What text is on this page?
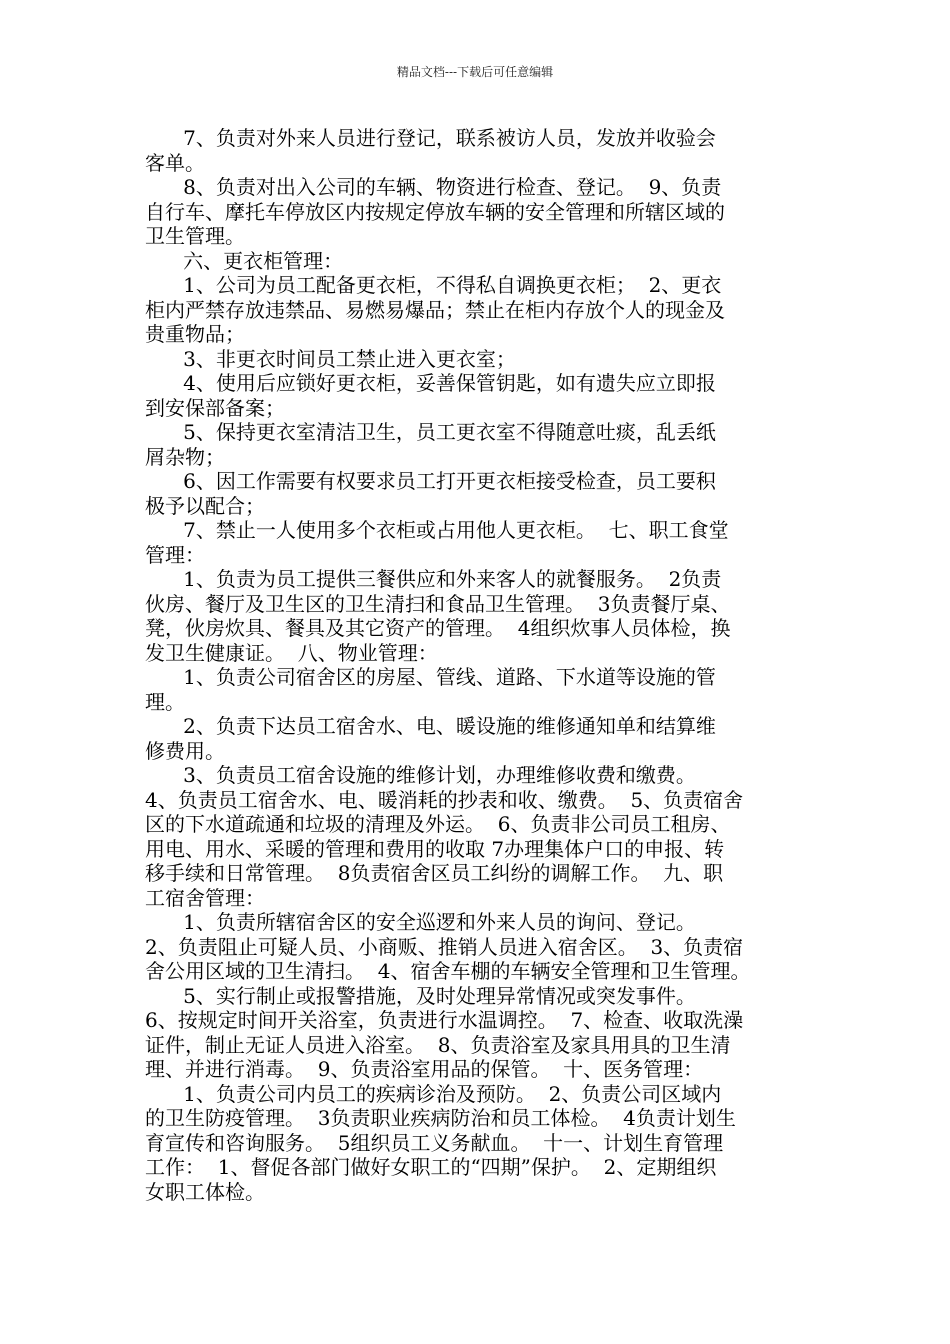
精品文档---下载后可任意编辑
7、负责对外来人员进行登记，联系被访人员，发放并收验会
客单。
8、负责对出入公司的车辆、物资进行检查、登记。  9、负责
自行车、摩托车停放区内按规定停放车辆的安全管理和所辖区域的
卫生管理。
六、更衣柜管理：
1、公司为员工配备更衣柜，不得私自调换更衣柜；  2、更衣
柜内严禁存放违禁品、易燃易爆品；禁止在柜内存放个人的现金及
贵重物品；
3、非更衣时间员工禁止进入更衣室；
4、使用后应锁好更衣柜，妥善保管钥匙，如有遗失应立即报
到安保部备案；
5、保持更衣室清洁卫生，员工更衣室不得随意吐痰，乱丢纸
屑杂物；
6、因工作需要有权要求员工打开更衣柜接受检查，员工要积
极予以配合；
7、禁止一人使用多个衣柜或占用他人更衣柜。  七、职工食堂
管理：
1、负责为员工提供三餐供应和外来客人的就餐服务。  2负责
伙房、餐厅及卫生区的卫生清扫和食品卫生管理。  3负责餐厅桌、
凳，伙房炊具、餐具及其它资产的管理。  4组织炊事人员体检，换
发卫生健康证。  八、物业管理：
1、负责公司宿舍区的房屋、管线、道路、下水道等设施的管
理。
2、负责下达员工宿舍水、电、暖设施的维修通知单和结算维
修费用。
3、负责员工宿舍设施的维修计划，办理维修收费和缴费。
4、负责员工宿舍水、电、暖消耗的抄表和收、缴费。  5、负责宿舍
区的下水道疏通和垃圾的清理及外运。  6、负责非公司员工租房、
用电、用水、采暖的管理和费用的收取 7办理集体户口的申报、转
移手续和日常管理。  8负责宿舍区员工纠纷的调解工作。  九、职
工宿舍管理：
1、负责所辖宿舍区的安全巡逻和外来人员的询问、登记。
2、负责阻止可疑人员、小商贩、推销人员进入宿舍区。  3、负责宿
舍公用区域的卫生清扫。  4、宿舍车棚的车辆安全管理和卫生管理。
5、实行制止或报警措施，及时处理异常情况或突发事件。
6、按规定时间开关浴室，负责进行水温调控。  7、检查、收取洗澡
证件，制止无证人员进入浴室。  8、负责浴室及家具用具的卫生清
理、并进行消毒。  9、负责浴室用品的保管。  十、医务管理：
1、负责公司内员工的疾病诊治及预防。  2、负责公司区域内
的卫生防疫管理。  3负责职业疾病防治和员工体检。  4负责计划生
育宣传和咨询服务。  5组织员工义务献血。  十一、计划生育管理
工作：  1、督促各部门做好女职工的“四期”保护。  2、定期组织
女职工体检。
